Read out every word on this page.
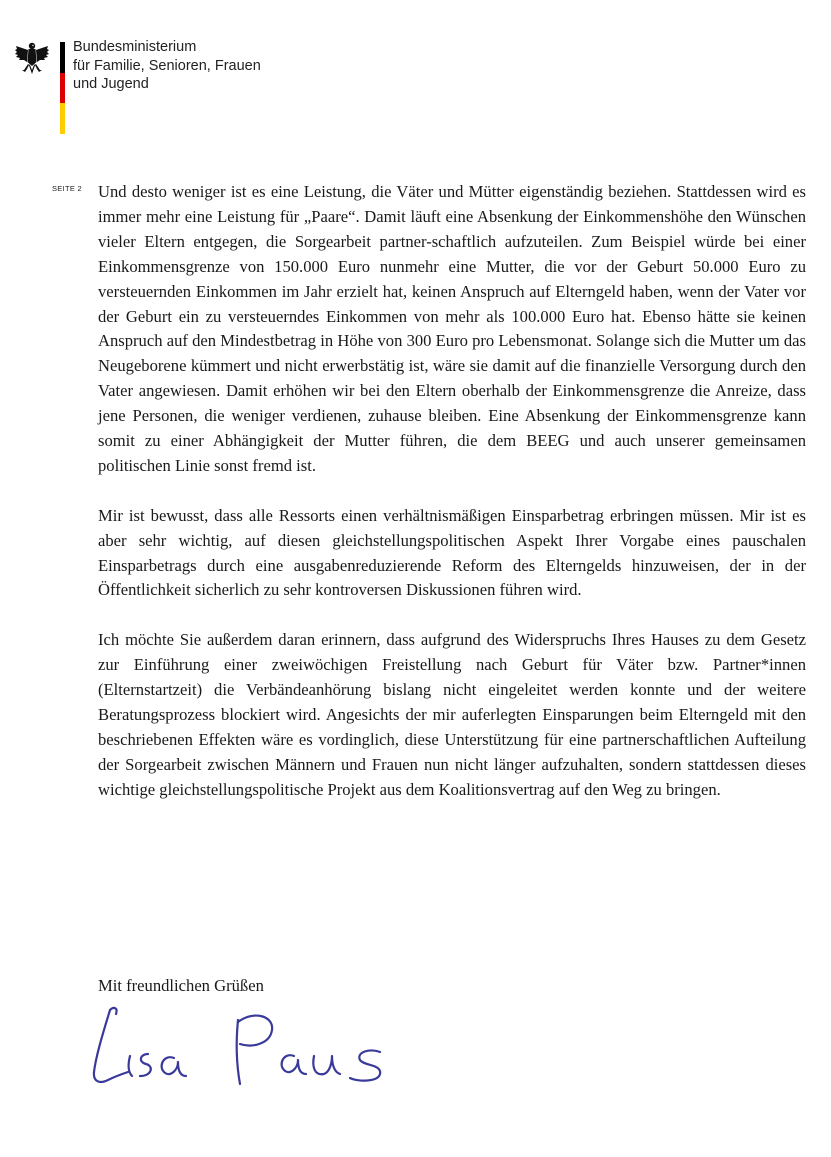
Bundesministerium
für Familie, Senioren, Frauen
und Jugend
SEITE 2 Und desto weniger ist es eine Leistung, die Väter und Mütter eigenständig beziehen. Stattdessen wird es immer mehr eine Leistung für „Paare“. Damit läuft eine Absenkung der Einkommenshöhe den Wünschen vieler Eltern entgegen, die Sorgearbeit partner-schaftlich aufzuteilen. Zum Beispiel würde bei einer Einkommensgrenze von 150.000 Euro nunmehr eine Mutter, die vor der Geburt 50.000 Euro zu versteuernden Einkommen im Jahr erzielt hat, keinen Anspruch auf Elterngeld haben, wenn der Vater vor der Geburt ein zu versteuerndes Einkommen von mehr als 100.000 Euro hat. Ebenso hätte sie keinen Anspruch auf den Mindestbetrag in Höhe von 300 Euro pro Lebensmonat. Solange sich die Mutter um das Neugeborene kümmert und nicht erwerbstätig ist, wäre sie damit auf die finanzielle Versorgung durch den Vater angewiesen. Damit erhöhen wir bei den Eltern oberhalb der Einkommensgrenze die Anreize, dass jene Personen, die weniger verdienen, zuhause bleiben. Eine Absenkung der Einkommensgrenze kann somit zu einer Abhängigkeit der Mutter führen, die dem BEEG und auch unserer gemeinsamen politischen Linie sonst fremd ist.

Mir ist bewusst, dass alle Ressorts einen verhältnismäßigen Einsparbetrag erbringen müssen. Mir ist es aber sehr wichtig, auf diesen gleichstellungspolitischen Aspekt Ihrer Vorgabe eines pauschalen Einsparbetrags durch eine ausgabenreduzierende Reform des Elterngelds hinzuweisen, der in der Öffentlichkeit sicherlich zu sehr kontroversen Diskussionen führen wird.

Ich möchte Sie außerdem daran erinnern, dass aufgrund des Widerspruchs Ihres Hauses zu dem Gesetz zur Einführung einer zweiwöchigen Freistellung nach Geburt für Väter bzw. Partner*innen (Elternstartzeit) die Verbändeanhörung bislang nicht eingeleitet werden konnte und der weitere Beratungsprozess blockiert wird. Angesichts der mir auferlegten Einsparungen beim Elterngeld mit den beschriebenen Effekten wäre es vordinglich, diese Unterstützung für eine partnerschaftlichen Aufteilung der Sorgearbeit zwischen Männern und Frauen nun nicht länger aufzuhalten, sondern stattdessen dieses wichtige gleichstellungspolitische Projekt aus dem Koalitionsvertrag auf den Weg zu bringen.

Mit freundlichen Grüßen
